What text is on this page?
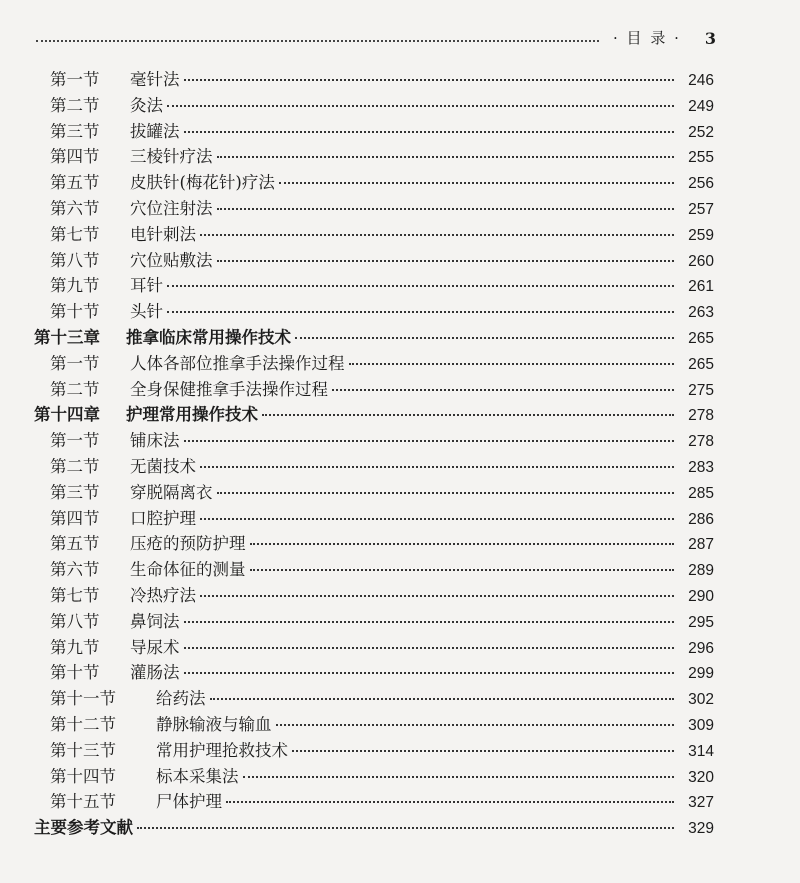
· 目 录 · 3
第一节	毫针法	246
第二节	灸法	249
第三节	拔罐法	252
第四节	三棱针疗法	255
第五节	皮肤针(梅花针)疗法	256
第六节	穴位注射法	257
第七节	电针刺法	259
第八节	穴位贴敷法	260
第九节	耳针	261
第十节	头针	263
第十三章	推拿临床常用操作技术	265
第一节	人体各部位推拿手法操作过程	265
第二节	全身保健推拿手法操作过程	275
第十四章	护理常用操作技术	278
第一节	铺床法	278
第二节	无菌技术	283
第三节	穿脱隔离衣	285
第四节	口腔护理	286
第五节	压疮的预防护理	287
第六节	生命体征的测量	289
第七节	冷热疗法	290
第八节	鼻饲法	295
第九节	导尿术	296
第十节	灌肠法	299
第十一节	给药法	302
第十二节	静脉输液与输血	309
第十三节	常用护理抢救技术	314
第十四节	标本采集法	320
第十五节	尸体护理	327
主要参考文献	329
